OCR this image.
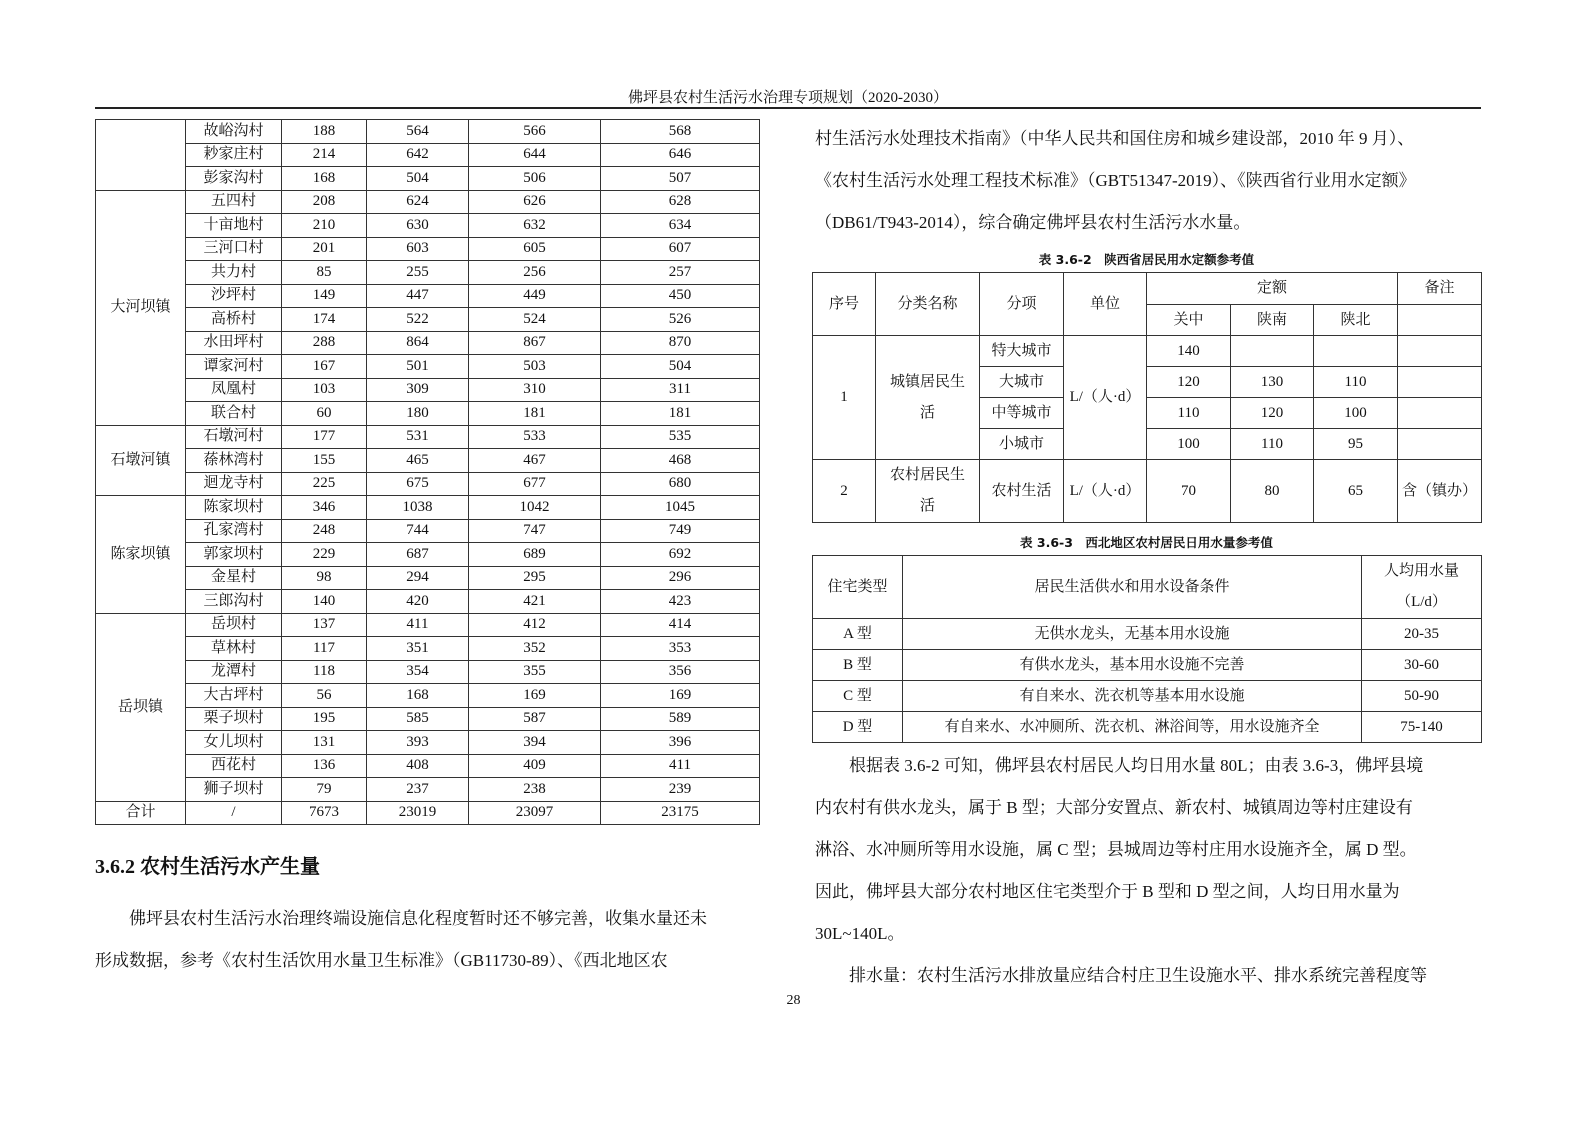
佛坪县农村生活污水治理专项规划（2020-2030）
	故峪沟村	188	564	566	568
	耖家庄村	214	642	644	646
	彭家沟村	168	504	506	507
大河坝镇	五四村	208	624	626	628
	十亩地村	210	630	632	634
	三河口村	201	603	605	607
	共力村	85	255	256	257
	沙坪村	149	447	449	450
	高桥村	174	522	524	526
	水田坪村	288	864	867	870
	谭家河村	167	501	503	504
	凤凰村	103	309	310	311
	联合村	60	180	181	181
石墩河镇	石墩河村	177	531	533	535
	蒣林湾村	155	465	467	468
	迴龙寺村	225	675	677	680
陈家坝镇	陈家坝村	346	1038	1042	1045
	孔家湾村	248	744	747	749
	郭家坝村	229	687	689	692
	金星村	98	294	295	296
	三郎沟村	140	420	421	423
岳坝镇	岳坝村	137	411	412	414
	草林村	117	351	352	353
	龙潭村	118	354	355	356
	大古坪村	56	168	169	169
	栗子坝村	195	585	587	589
	女儿坝村	131	393	394	396
	西花村	136	408	409	411
	狮子坝村	79	237	238	239
合计	/	7673	23019	23097	23175
3.6.2 农村生活污水产生量
佛坪县农村生活污水治理终端设施信息化程度暂时还不够完善，收集水量还未
形成数据，参考《农村生活饮用水量卫生标准》（GB11730-89）、《西北地区农
村生活污水处理技术指南》（中华人民共和国住房和城乡建设部，2010 年 9 月）、
《农村生活污水处理工程技术标准》（GBT51347-2019）、《陕西省行业用水定额》
（DB61/T943-2014），综合确定佛坪县农村生活污水水量。
表 3.6-2　陕西省居民用水定额参考值
序号	分类名称	分项	单位	定额			备注
				关中	陕南	陕北	
1	城镇居民生活	特大城市	L/（人·d）	140			
		大城市		120	130	110	
		中等城市		110	120	100	
		小城市		100	110	95	
2	农村居民生活	农村生活	L/（人·d）	70	80	65	含（镇办）
表 3.6-3　西北地区农村居民日用水量参考值
住宅类型	居民生活供水和用水设备条件	人均用水量
（L/d）

A 型	无供水龙头，无基本用水设施	20-35
B 型	有供水龙头，基本用水设施不完善	30-60
C 型	有自来水、洗衣机等基本用水设施	50-90
D 型	有自来水、水冲厕所、洗衣机、淋浴间等，用水设施齐全	75-140
根据表 3.6-2 可知，佛坪县农村居民人均日用水量 80L；由表 3.6-3，佛坪县境
内农村有供水龙头，属于 B 型；大部分安置点、新农村、城镇周边等村庄建设有
淋浴、水冲厕所等用水设施，属 C 型；县城周边等村庄用水设施齐全，属 D 型。
因此，佛坪县大部分农村地区住宅类型介于 B 型和 D 型之间，人均日用水量为
30L~140L。
排水量：农村生活污水排放量应结合村庄卫生设施水平、排水系统完善程度等
28
